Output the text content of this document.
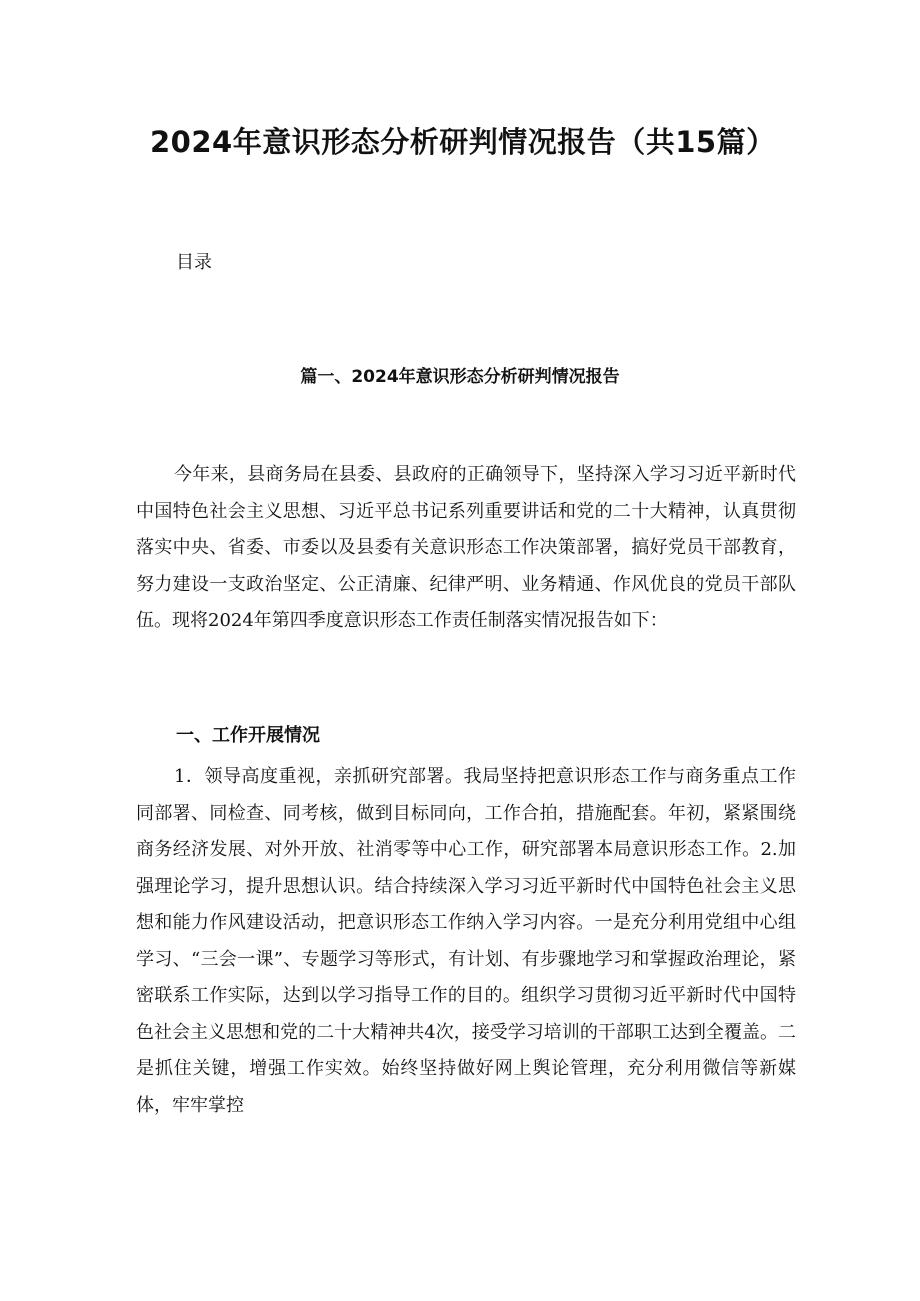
2024年意识形态分析研判情况报告（共15篇）

目录

篇一、2024年意识形态分析研判情况报告

今年来，县商务局在县委、县政府的正确领导下，坚持深入学习习近平新时代中国特色社会主义思想、习近平总书记系列重要讲话和党的二十大精神，认真贯彻落实中央、省委、市委以及县委有关意识形态工作决策部署，搞好党员干部教育，努力建设一支政治坚定、公正清廉、纪律严明、业务精通、作风优良的党员干部队伍。现将2024年第四季度意识形态工作责任制落实情况报告如下：

一、工作开展情况

1．领导高度重视，亲抓研究部署。我局坚持把意识形态工作与商务重点工作同部署、同检查、同考核，做到目标同向，工作合拍，措施配套。年初，紧紧围绕商务经济发展、对外开放、社消零等中心工作，研究部署本局意识形态工作。2.加强理论学习，提升思想认识。结合持续深入学习习近平新时代中国特色社会主义思想和能力作风建设活动，把意识形态工作纳入学习内容。一是充分利用党组中心组学习、“三会一课”、专题学习等形式，有计划、有步骤地学习和掌握政治理论，紧密联系工作实际，达到以学习指导工作的目的。组织学习贯彻习近平新时代中国特色社会主义思想和党的二十大精神共4次，接受学习培训的干部职工达到全覆盖。二是抓住关键，增强工作实效。始终坚持做好网上舆论管理，充分利用微信等新媒体，牢牢掌控
